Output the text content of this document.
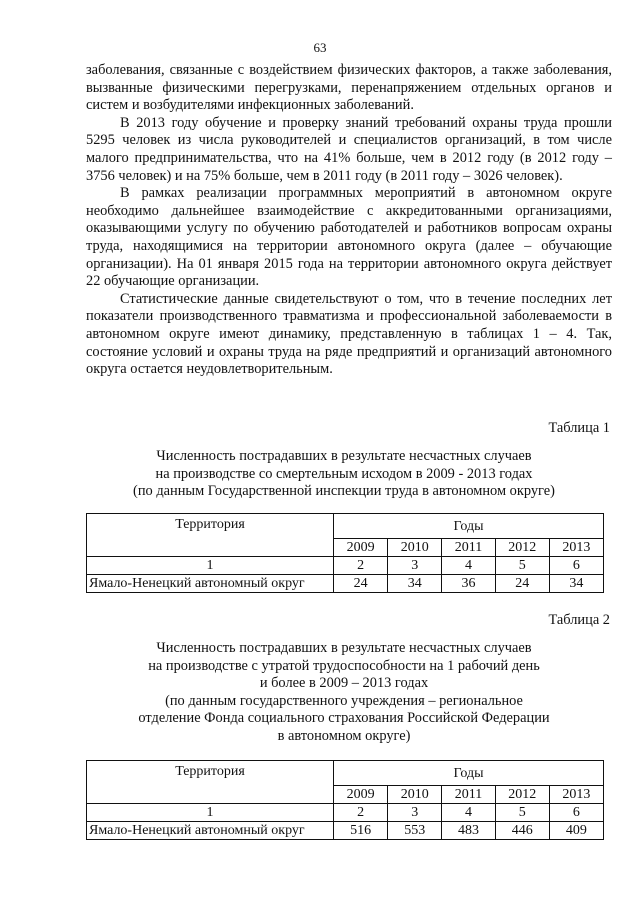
63

заболевания, связанные с воздействием физических факторов, а также заболевания, вызванные физическими перегрузками, перенапряжением отдельных органов и систем и возбудителями инфекционных заболеваний.

В 2013 году обучение и проверку знаний требований охраны труда прошли 5295 человек из числа руководителей и специалистов организаций, в том числе малого предпринимательства, что на 41% больше, чем в 2012 году (в 2012 году – 3756 человек) и на 75% больше, чем в 2011 году (в 2011 году – 3026 человек).

В рамках реализации программных мероприятий в автономном округе необходимо дальнейшее взаимодействие с аккредитованными организациями, оказывающими услугу по обучению работодателей и работников вопросам охраны труда, находящимися на территории автономного округа (далее – обучающие организации). На 01 января 2015 года на территории автономного округа действует 22 обучающие организации.

Статистические данные свидетельствуют о том, что в течение последних лет показатели производственного травматизма и профессиональной заболеваемости в автономном округе имеют динамику, представленную в таблицах 1 – 4. Так, состояние условий и охраны труда на ряде предприятий и организаций автономного округа остается неудовлетворительным.

Таблица 1
Численность пострадавших в результате несчастных случаев
на производстве со смертельным исходом в 2009 - 2013 годах
(по данным Государственной инспекции труда в автономном округе)
Территория	Годы				
	2009	2010	2011	2012	2013
1	2	3	4	5	6
Ямало-Ненецкий автономный округ	24	34	36	24	34
Таблица 2
Численность пострадавших в результате несчастных случаев
на производстве с утратой трудоспособности на 1 рабочий день
и более в 2009 – 2013 годах
(по данным государственного учреждения – региональное
отделение Фонда социального страхования Российской Федерации
в автономном округе)
Территория	Годы				
	2009	2010	2011	2012	2013
1	2	3	4	5	6
Ямало-Ненецкий автономный округ	516	553	483	446	409
